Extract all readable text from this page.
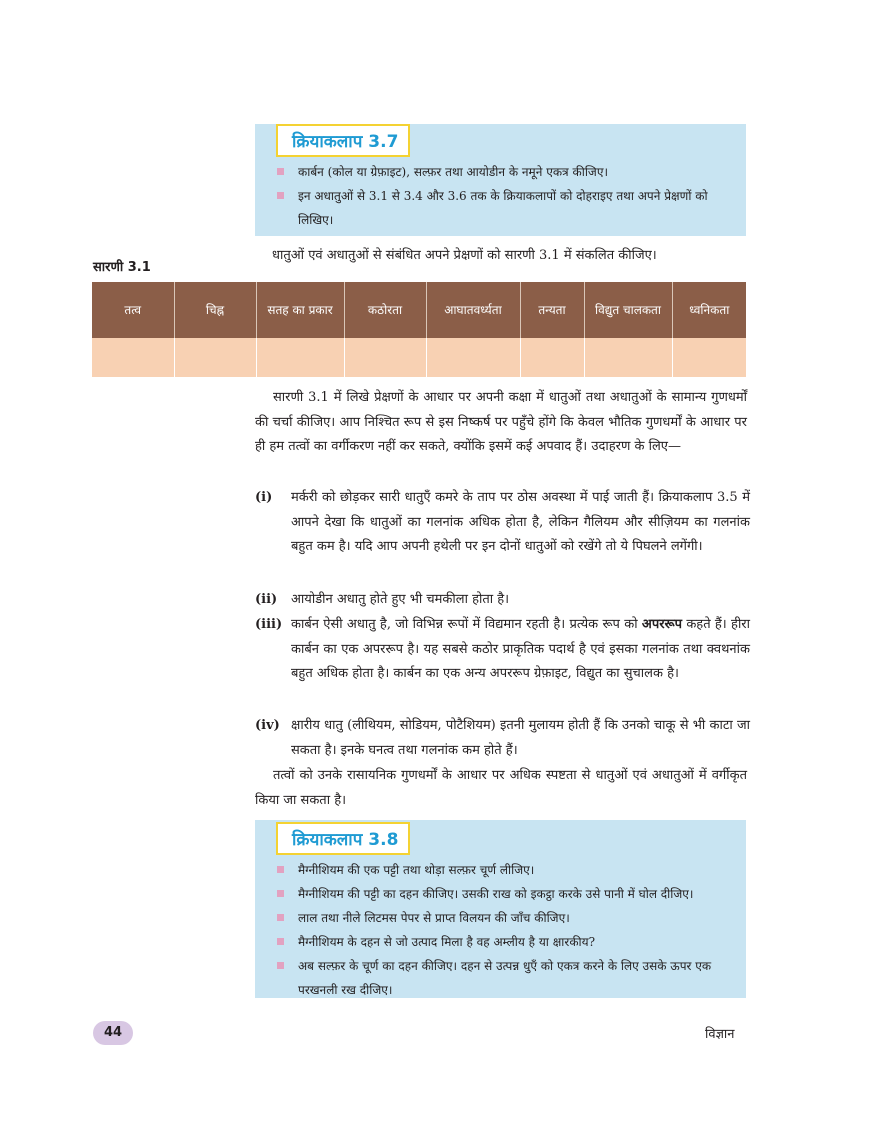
क्रियाकलाप 3.7
कार्बन (कोल या ग्रेफ़ाइट), सल्फ़र तथा आयोडीन के नमूने एकत्र कीजिए।
इन अधातुओं से 3.1 से 3.4 और 3.6 तक के क्रियाकलापों को दोहराइए तथा अपने प्रेक्षणों को लिखिए।
सारणी 3.1
धातुओं एवं अधातुओं से संबंधित अपने प्रेक्षणों को सारणी 3.1 में संकलित कीजिए।
तत्व	चिह्न	सतह का प्रकार	कठोरता	आघातवर्ध्यता	तन्यता	विद्युत चालकता	ध्वनिकता

सारणी 3.1 में लिखे प्रेक्षणों के आधार पर अपनी कक्षा में धातुओं तथा अधातुओं के सामान्य गुणधर्मों की चर्चा कीजिए। आप निश्चित रूप से इस निष्कर्ष पर पहुँचे होंगे कि केवल भौतिक गुणधर्मों के आधार पर ही हम तत्वों का वर्गीकरण नहीं कर सकते, क्योंकि इसमें कई अपवाद हैं। उदाहरण के लिए—

(i) मर्करी को छोड़कर सारी धातुएँ कमरे के ताप पर ठोस अवस्था में पाई जाती हैं। क्रियाकलाप 3.5 में आपने देखा कि धातुओं का गलनांक अधिक होता है, लेकिन गैलियम और सीज़ियम का गलनांक बहुत कम है। यदि आप अपनी हथेली पर इन दोनों धातुओं को रखेंगे तो ये पिघलने लगेंगी।
(ii) आयोडीन अधातु होते हुए भी चमकीला होता है।
(iii) कार्बन ऐसी अधातु है, जो विभिन्न रूपों में विद्यमान रहती है। प्रत्येक रूप को अपररूप कहते हैं। हीरा कार्बन का एक अपररूप है। यह सबसे कठोर प्राकृतिक पदार्थ है एवं इसका गलनांक तथा क्वथनांक बहुत अधिक होता है। कार्बन का एक अन्य अपररूप ग्रेफ़ाइट, विद्युत का सुचालक है।
(iv) क्षारीय धातु (लीथियम, सोडियम, पोटैशियम) इतनी मुलायम होती हैं कि उनको चाकू से भी काटा जा सकता है। इनके घनत्व तथा गलनांक कम होते हैं।

तत्वों को उनके रासायनिक गुणधर्मों के आधार पर अधिक स्पष्टता से धातुओं एवं अधातुओं में वर्गीकृत किया जा सकता है।

क्रियाकलाप 3.8
मैग्नीशियम की एक पट्टी तथा थोड़ा सल्फ़र चूर्ण लीजिए।
मैग्नीशियम की पट्टी का दहन कीजिए। उसकी राख को इकट्ठा करके उसे पानी में घोल दीजिए।
लाल तथा नीले लिटमस पेपर से प्राप्त विलयन की जाँच कीजिए।
मैग्नीशियम के दहन से जो उत्पाद मिला है वह अम्लीय है या क्षारकीय?
अब सल्फ़र के चूर्ण का दहन कीजिए। दहन से उत्पन्न धुएँ को एकत्र करने के लिए उसके ऊपर एक परखनली रख दीजिए।
44	विज्ञान
